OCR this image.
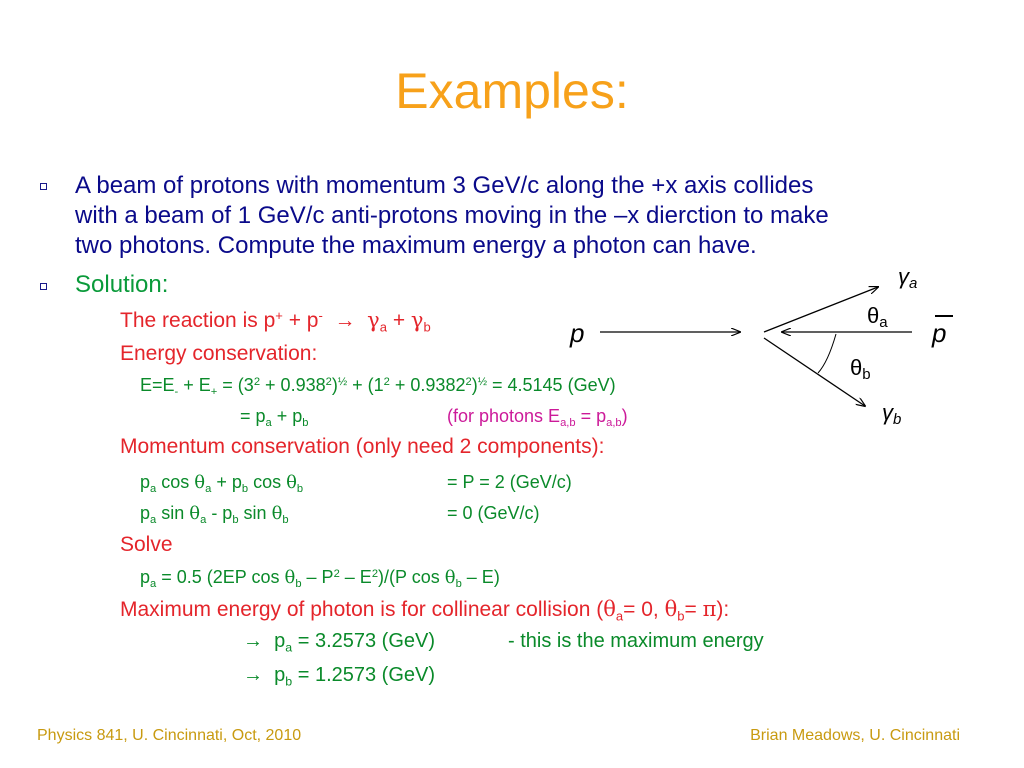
Examples:
A beam of protons with momentum 3 GeV/c along the +x axis collides
with a beam of 1 GeV/c anti-protons moving in the –x dierction to make
two photons. Compute the maximum energy a photon can have.
Solution:
The reaction is $p^+ + p^- \to \gamma_a + \gamma_b$
Energy conservation:
$E=E_- + E_+ = (3^2 + 0.938^2)^{\frac{1}{2}} + (1^2 + 0.9382^2)^{\frac{1}{2}} = 4.5145$ (GeV)
= $p_a + p_b$	(for photons $E_{a,b} = p_{a,b}$)
Momentum conservation (only need 2 components):
$p_a$ $\cos \theta_a + p_b$ $\cos \theta_b$	= P = 2 (GeV/c)
$p_a$ $\sin \theta_a - p_b$ $\sin \theta_b$	= 0 (GeV/c)
Solve
$p_a = 0.5$ (2EP $\cos \theta_b - P^2 - E^2)/(P$ $\cos \theta_b - E$)
Maximum energy of photon is for collinear collision ($\theta_a= 0$, $\theta_b= \pi$):
→ $p_a = 3.2573$ (GeV)	- this is the maximum energy
→ $p_b = 1.2573$ (GeV)
p	p
γa
θa
θb
γb
Physics 841, U. Cincinnati, Oct, 2010	Brian Meadows, U. Cincinnati
